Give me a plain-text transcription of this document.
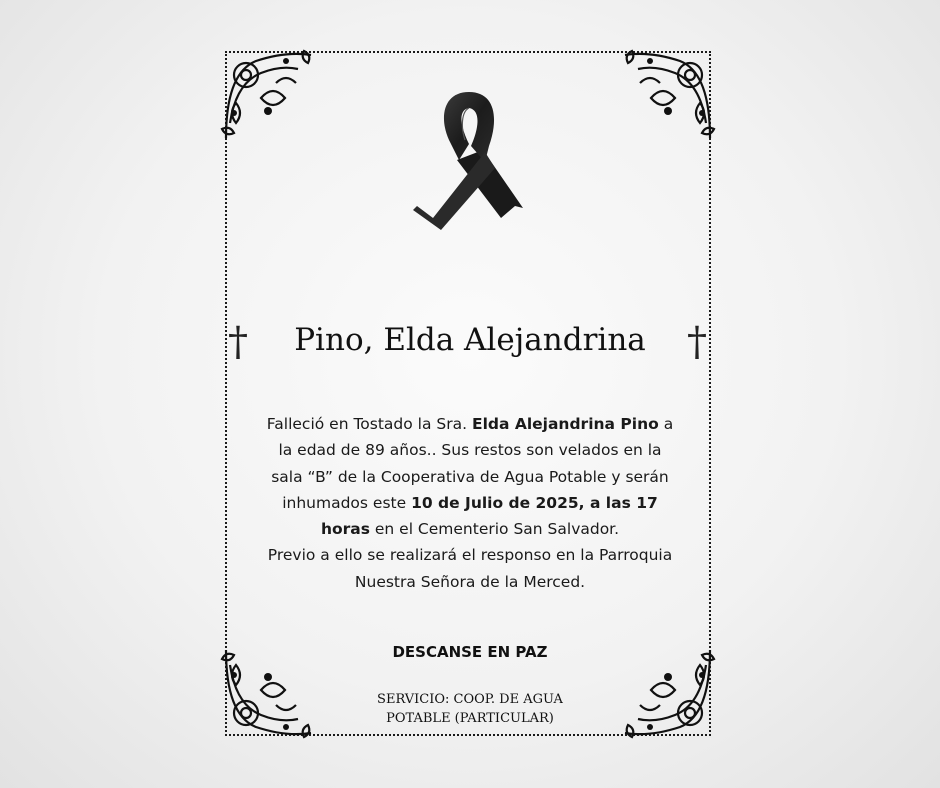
†	†
Pino, Elda Alejandrina
Falleció en Tostado la Sra. Elda Alejandrina Pino a la edad de 89 años.. Sus restos son velados en la sala “B” de la Cooperativa de Agua Potable y serán inhumados este 10 de Julio de 2025, a las 17 horas en el Cementerio San Salvador.
Previo a ello se realizará el responso en la Parroquia Nuestra Señora de la Merced.
DESCANSE EN PAZ
SERVICIO: COOP. DE AGUA
POTABLE (PARTICULAR)
